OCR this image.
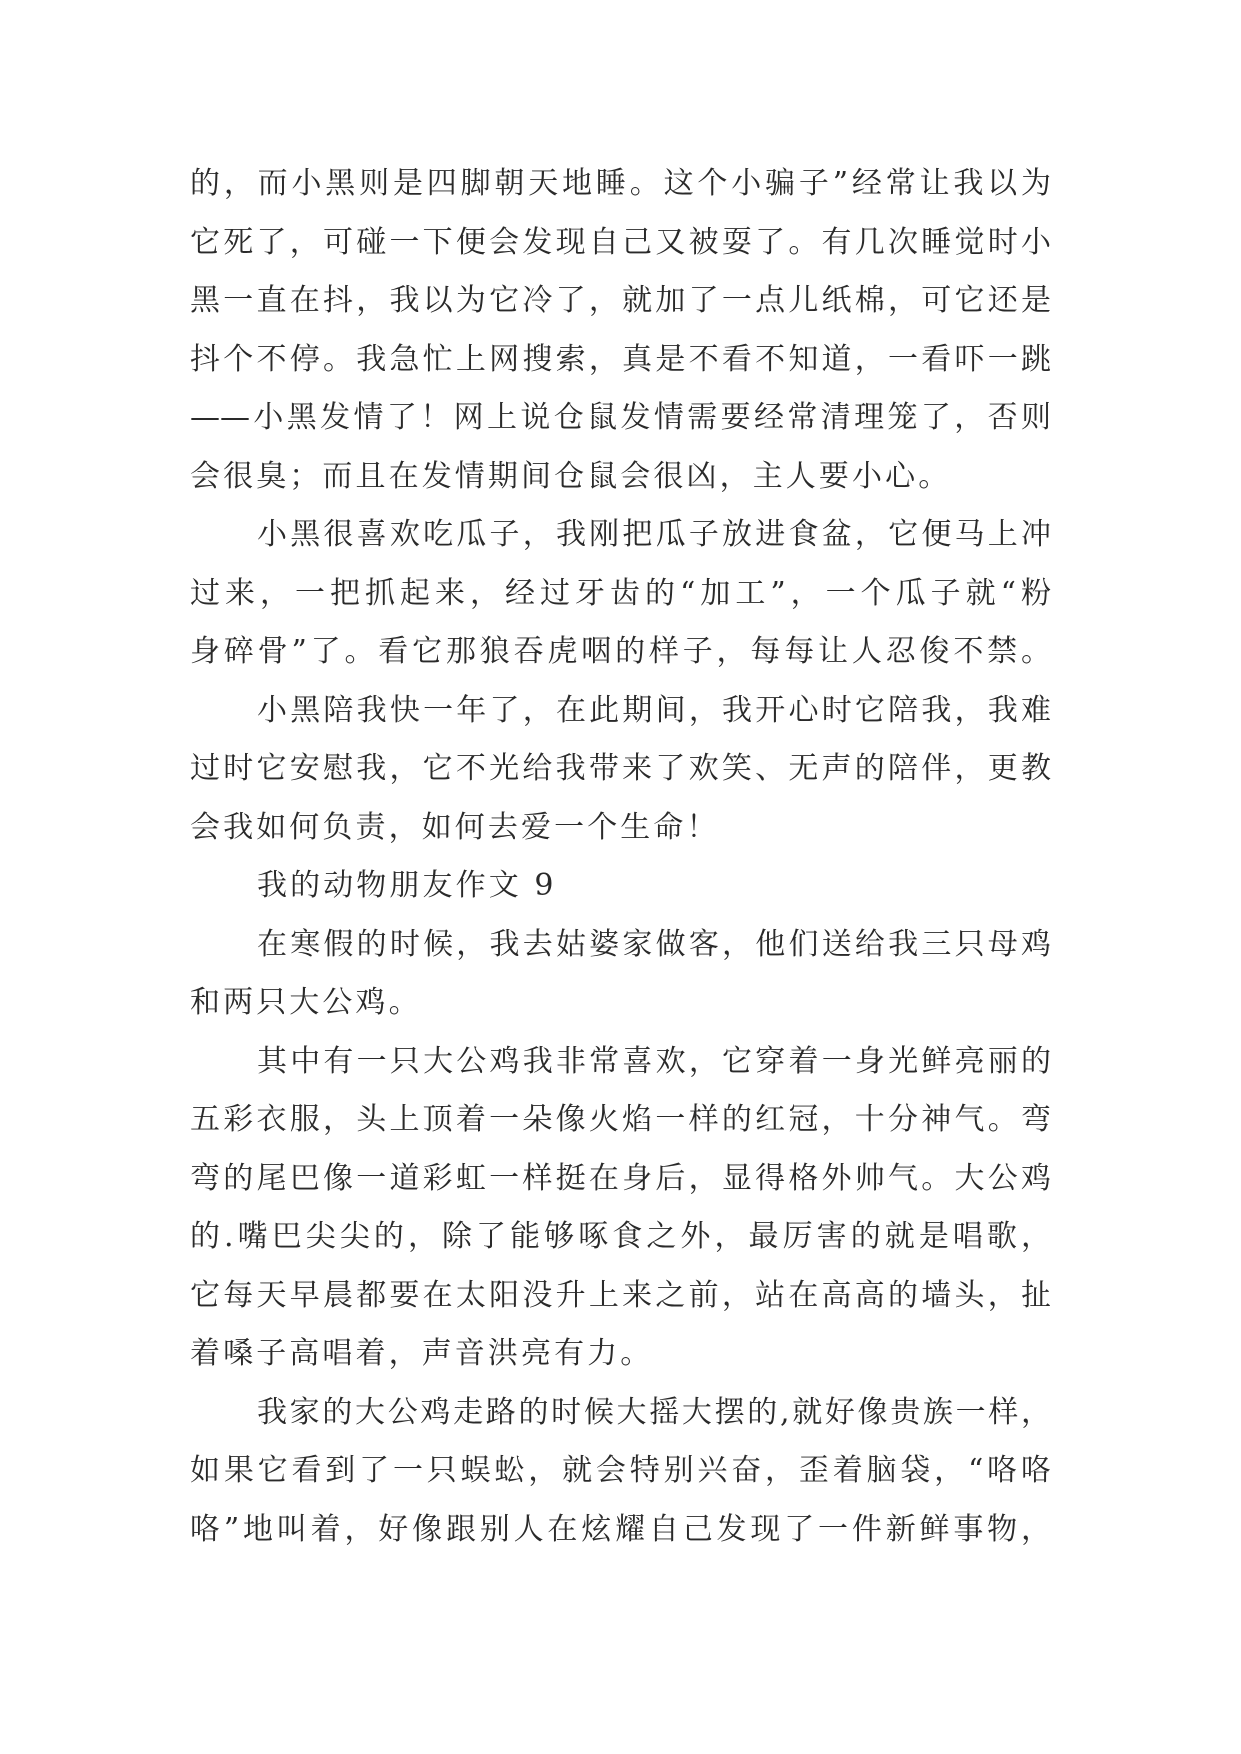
的，而小黑则是四脚朝天地睡。这个小骗子”经常让我以为
它死了，可碰一下便会发现自己又被耍了。有几次睡觉时小
黑一直在抖，我以为它冷了，就加了一点儿纸棉，可它还是
抖个不停。我急忙上网搜索，真是不看不知道，一看吓一跳
——小黑发情了！网上说仓鼠发情需要经常清理笼了，否则
会很臭；而且在发情期间仓鼠会很凶，主人要小心。
小黑很喜欢吃瓜子，我刚把瓜子放进食盆，它便马上冲
过来，一把抓起来，经过牙齿的“加工”，一个瓜子就“粉
身碎骨”了。看它那狼吞虎咽的样子，每每让人忍俊不禁。
小黑陪我快一年了，在此期间，我开心时它陪我，我难
过时它安慰我，它不光给我带来了欢笑、无声的陪伴，更教
会我如何负责，如何去爱一个生命！
我的动物朋友作文 9
在寒假的时候，我去姑婆家做客，他们送给我三只母鸡
和两只大公鸡。
其中有一只大公鸡我非常喜欢，它穿着一身光鲜亮丽的
五彩衣服，头上顶着一朵像火焰一样的红冠，十分神气。弯
弯的尾巴像一道彩虹一样挺在身后，显得格外帅气。大公鸡
的.嘴巴尖尖的，除了能够啄食之外，最厉害的就是唱歌，
它每天早晨都要在太阳没升上来之前，站在高高的墙头，扯
着嗓子高唱着，声音洪亮有力。
我家的大公鸡走路的时候大摇大摆的,就好像贵族一样，
如果它看到了一只蜈蚣，就会特别兴奋，歪着脑袋，“咯咯
咯”地叫着，好像跟别人在炫耀自己发现了一件新鲜事物，
